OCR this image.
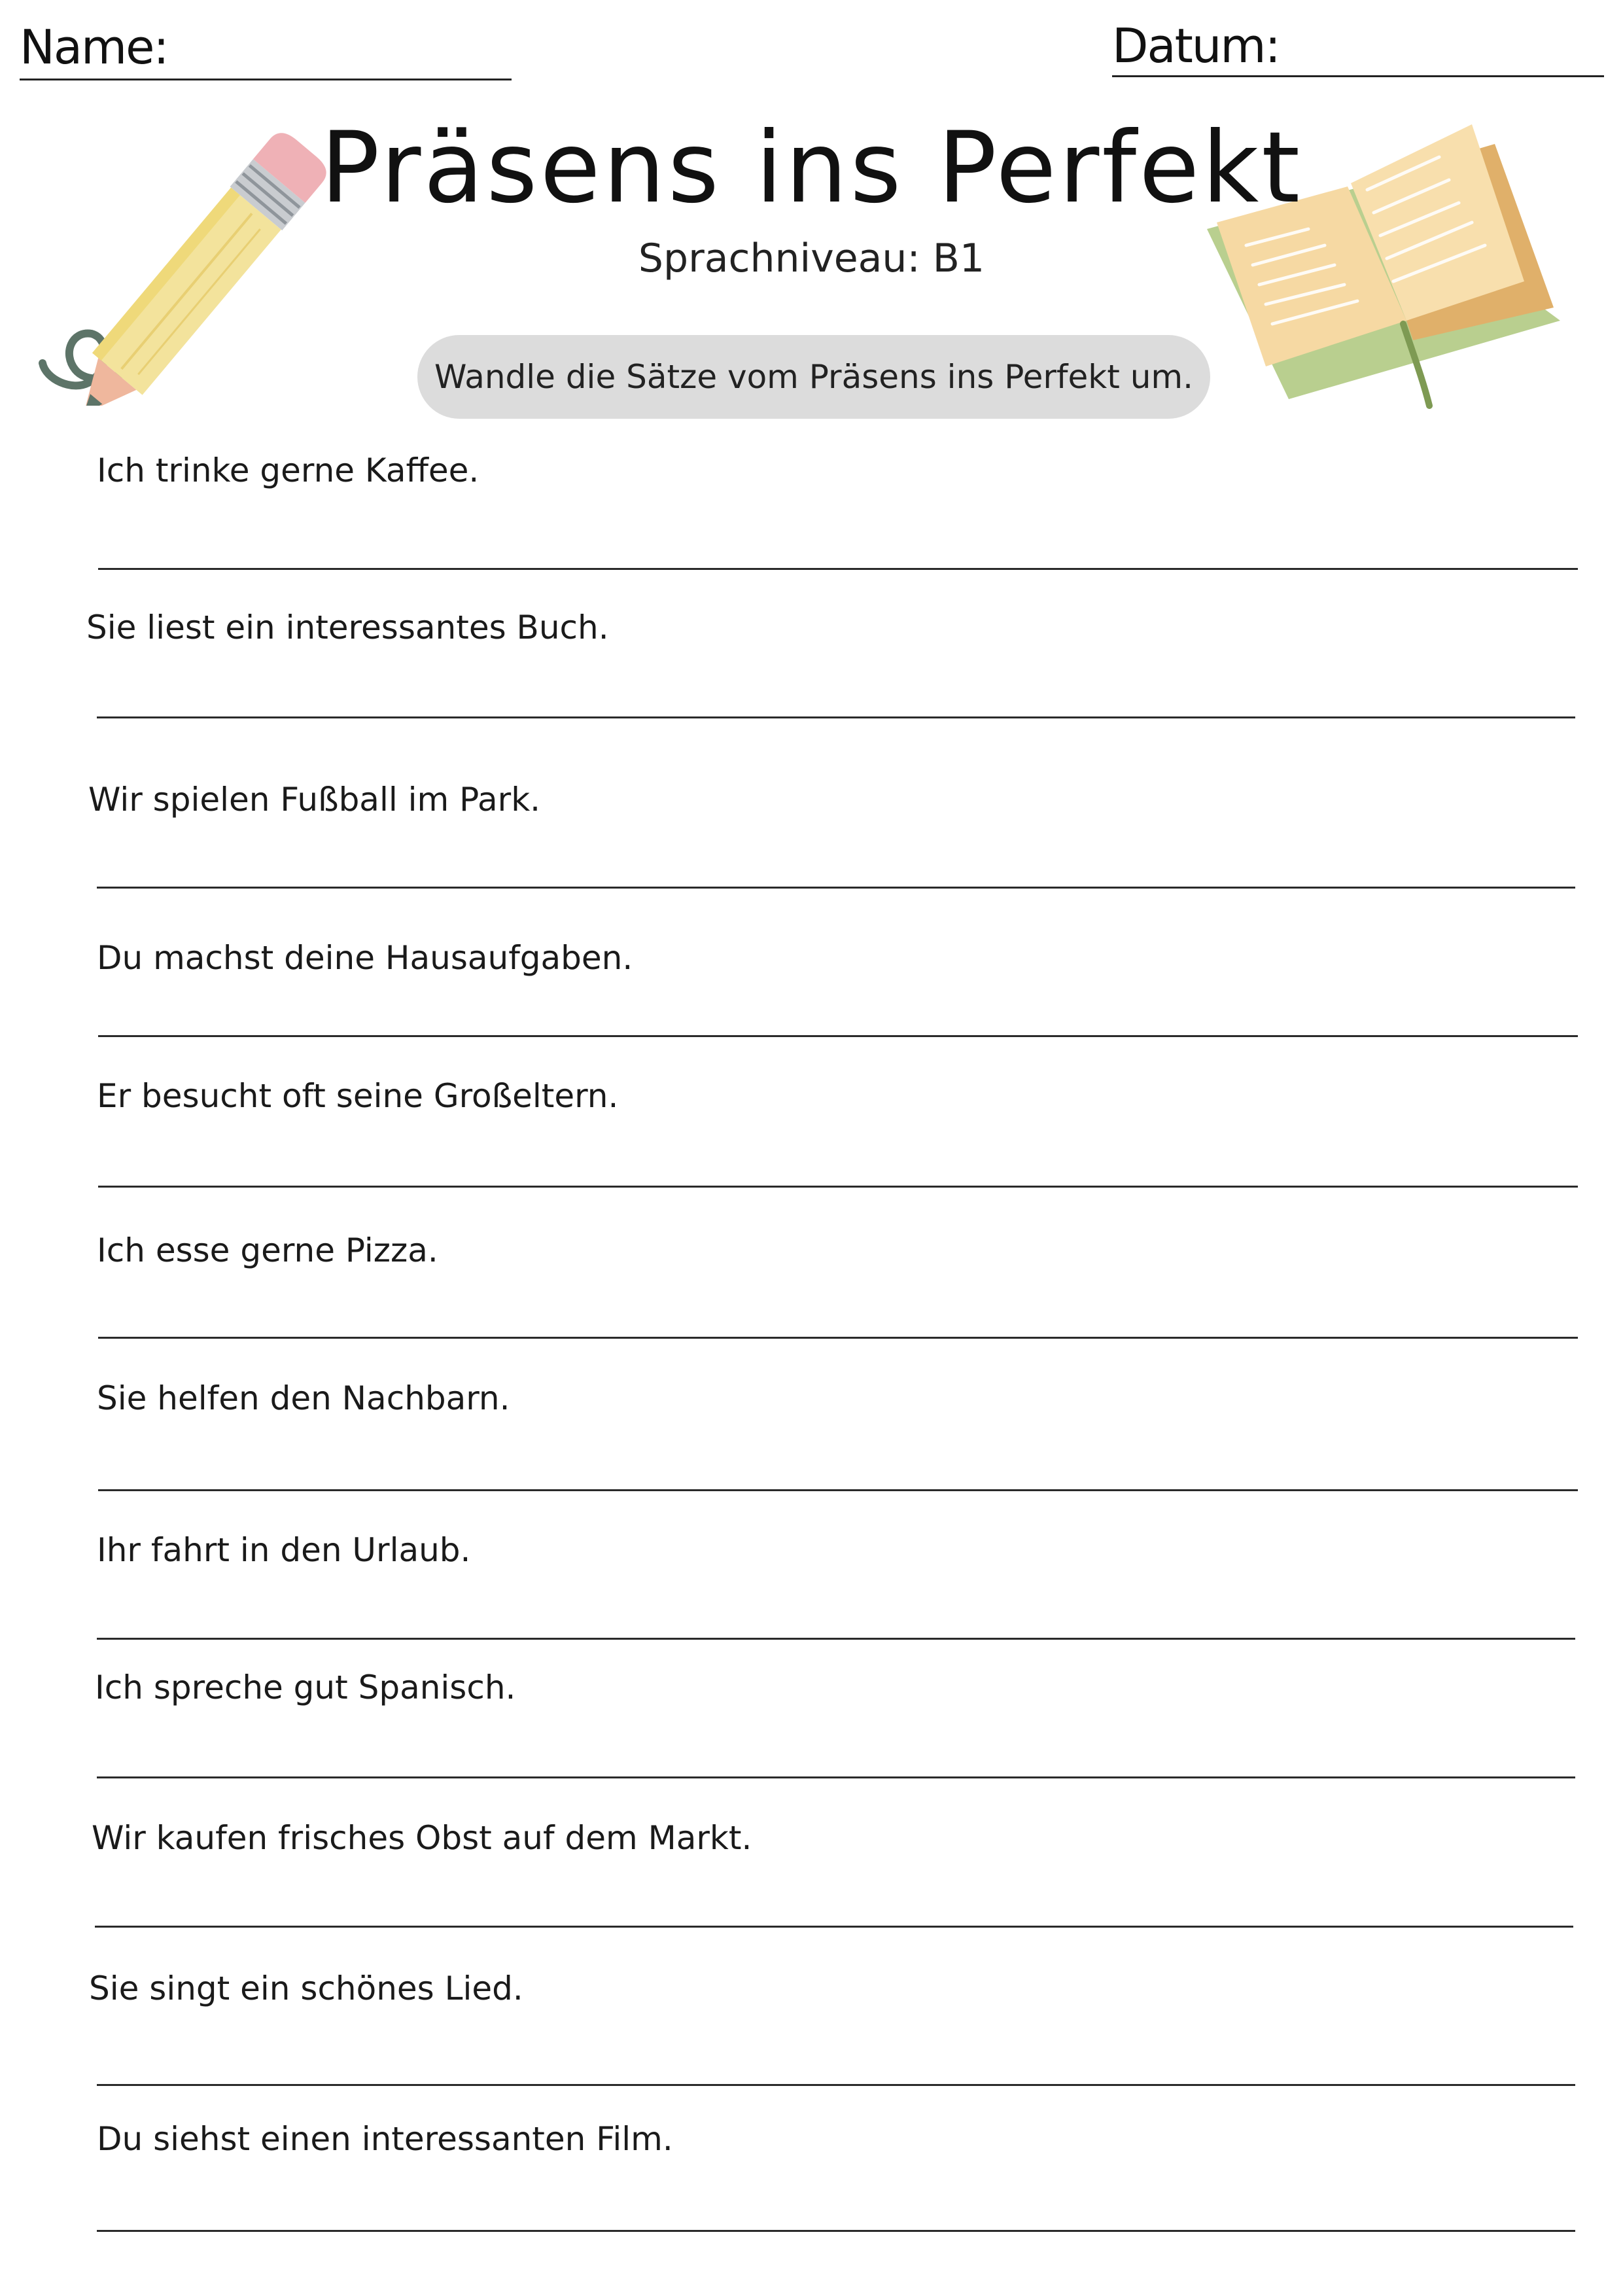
Name:	Datum:
Präsens ins Perfekt
Sprachniveau: B1
Wandle die Sätze vom Präsens ins Perfekt um.
Ich trinke gerne Kaffee.
Sie liest ein interessantes Buch.
Wir spielen Fußball im Park.
Du machst deine Hausaufgaben.
Er besucht oft seine Großeltern.
Ich esse gerne Pizza.
Sie helfen den Nachbarn.
Ihr fahrt in den Urlaub.
Ich spreche gut Spanisch.
Wir kaufen frisches Obst auf dem Markt.
Sie singt ein schönes Lied.
Du siehst einen interessanten Film.
